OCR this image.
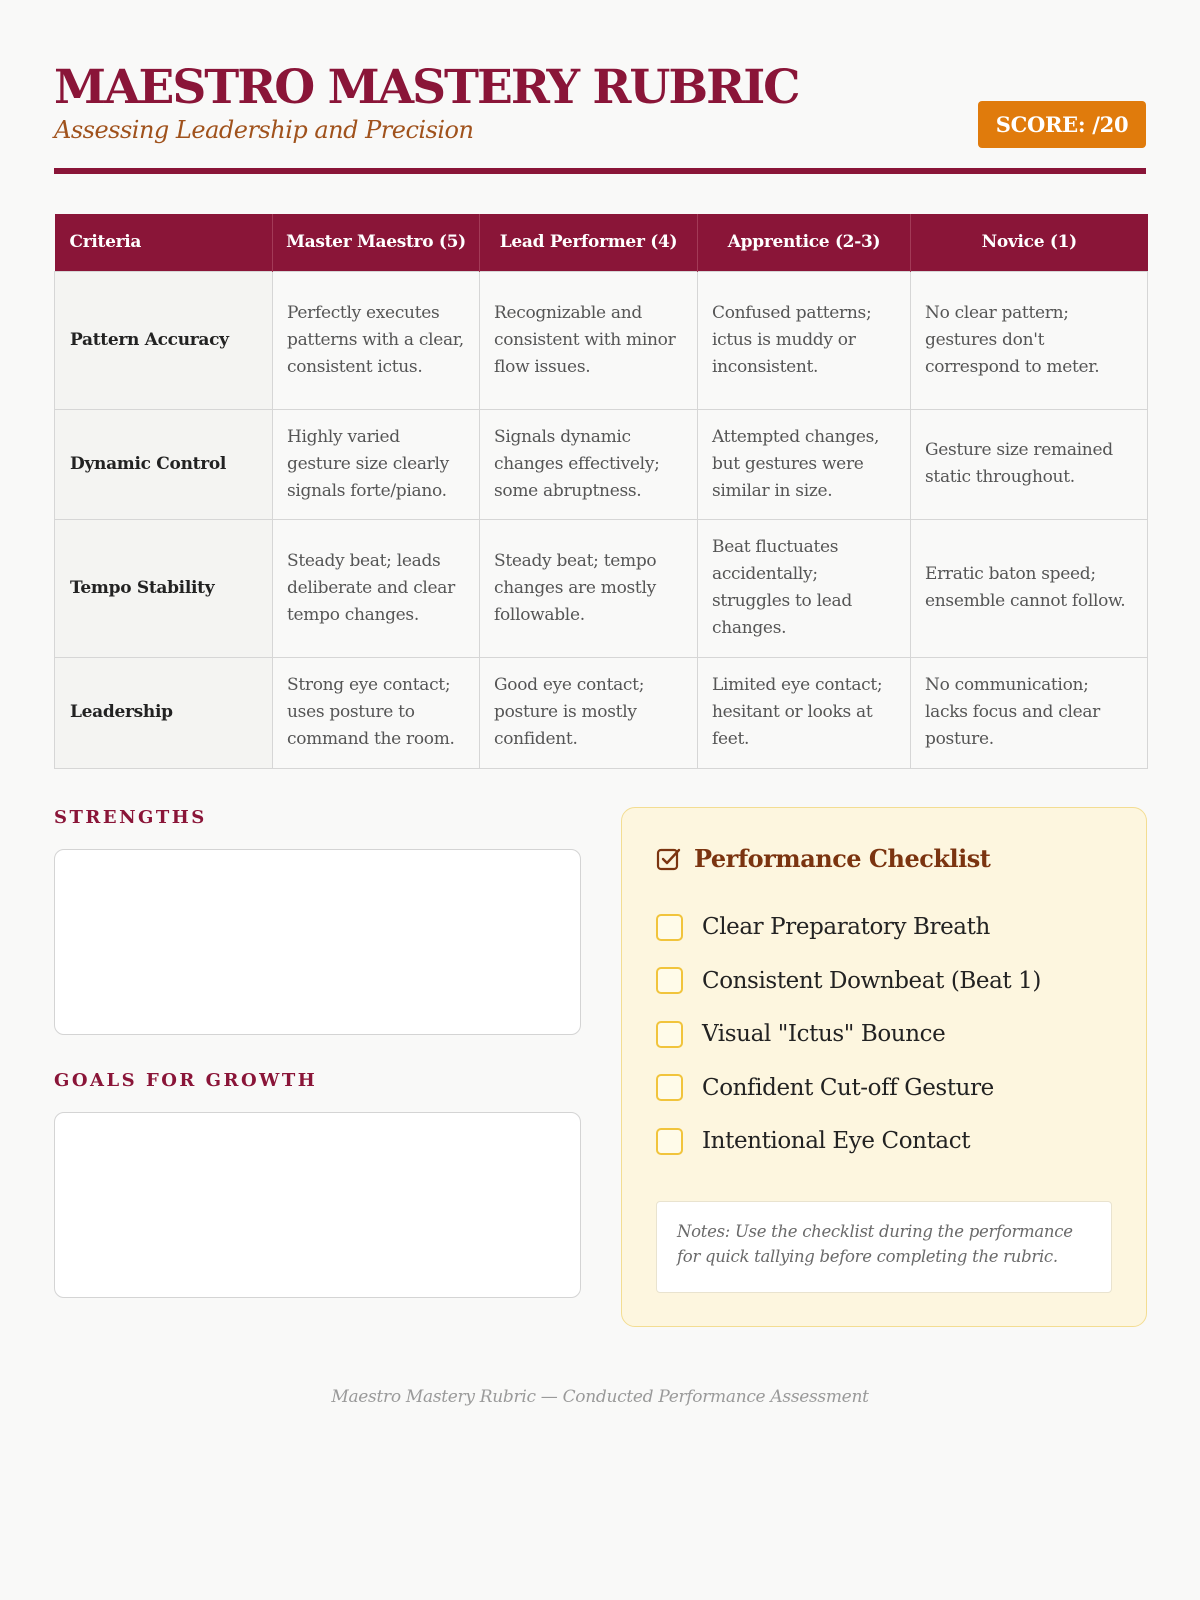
MAESTRO MASTERY RUBRIC
Assessing Leadership and Precision	SCORE: /20
Criteria	Master Maestro (5)	Lead Performer (4)	Apprentice (2-3)	Novice (1)
Pattern Accuracy	Perfectly executes patterns with a clear, consistent ictus.	Recognizable and consistent with minor flow issues.	Confused patterns; ictus is muddy or inconsistent.	No clear pattern; gestures don't correspond to meter.
Dynamic Control	Highly varied gesture size clearly signals forte/piano.	Signals dynamic changes effectively; some abruptness.	Attempted changes, but gestures were similar in size.	Gesture size remained static throughout.
Tempo Stability	Steady beat; leads deliberate and clear tempo changes.	Steady beat; tempo changes are mostly followable.	Beat fluctuates accidentally; struggles to lead changes.	Erratic baton speed; ensemble cannot follow.
Leadership	Strong eye contact; uses posture to command the room.	Good eye contact; posture is mostly confident.	Limited eye contact; hesitant or looks at feet.	No communication; lacks focus and clear posture.
STRENGTHS
GOALS FOR GROWTH
Performance Checklist
Clear Preparatory Breath
Consistent Downbeat (Beat 1)
Visual "Ictus" Bounce
Confident Cut-off Gesture
Intentional Eye Contact
Notes: Use the checklist during the performance for quick tallying before completing the rubric.
Maestro Mastery Rubric — Conducted Performance Assessment
